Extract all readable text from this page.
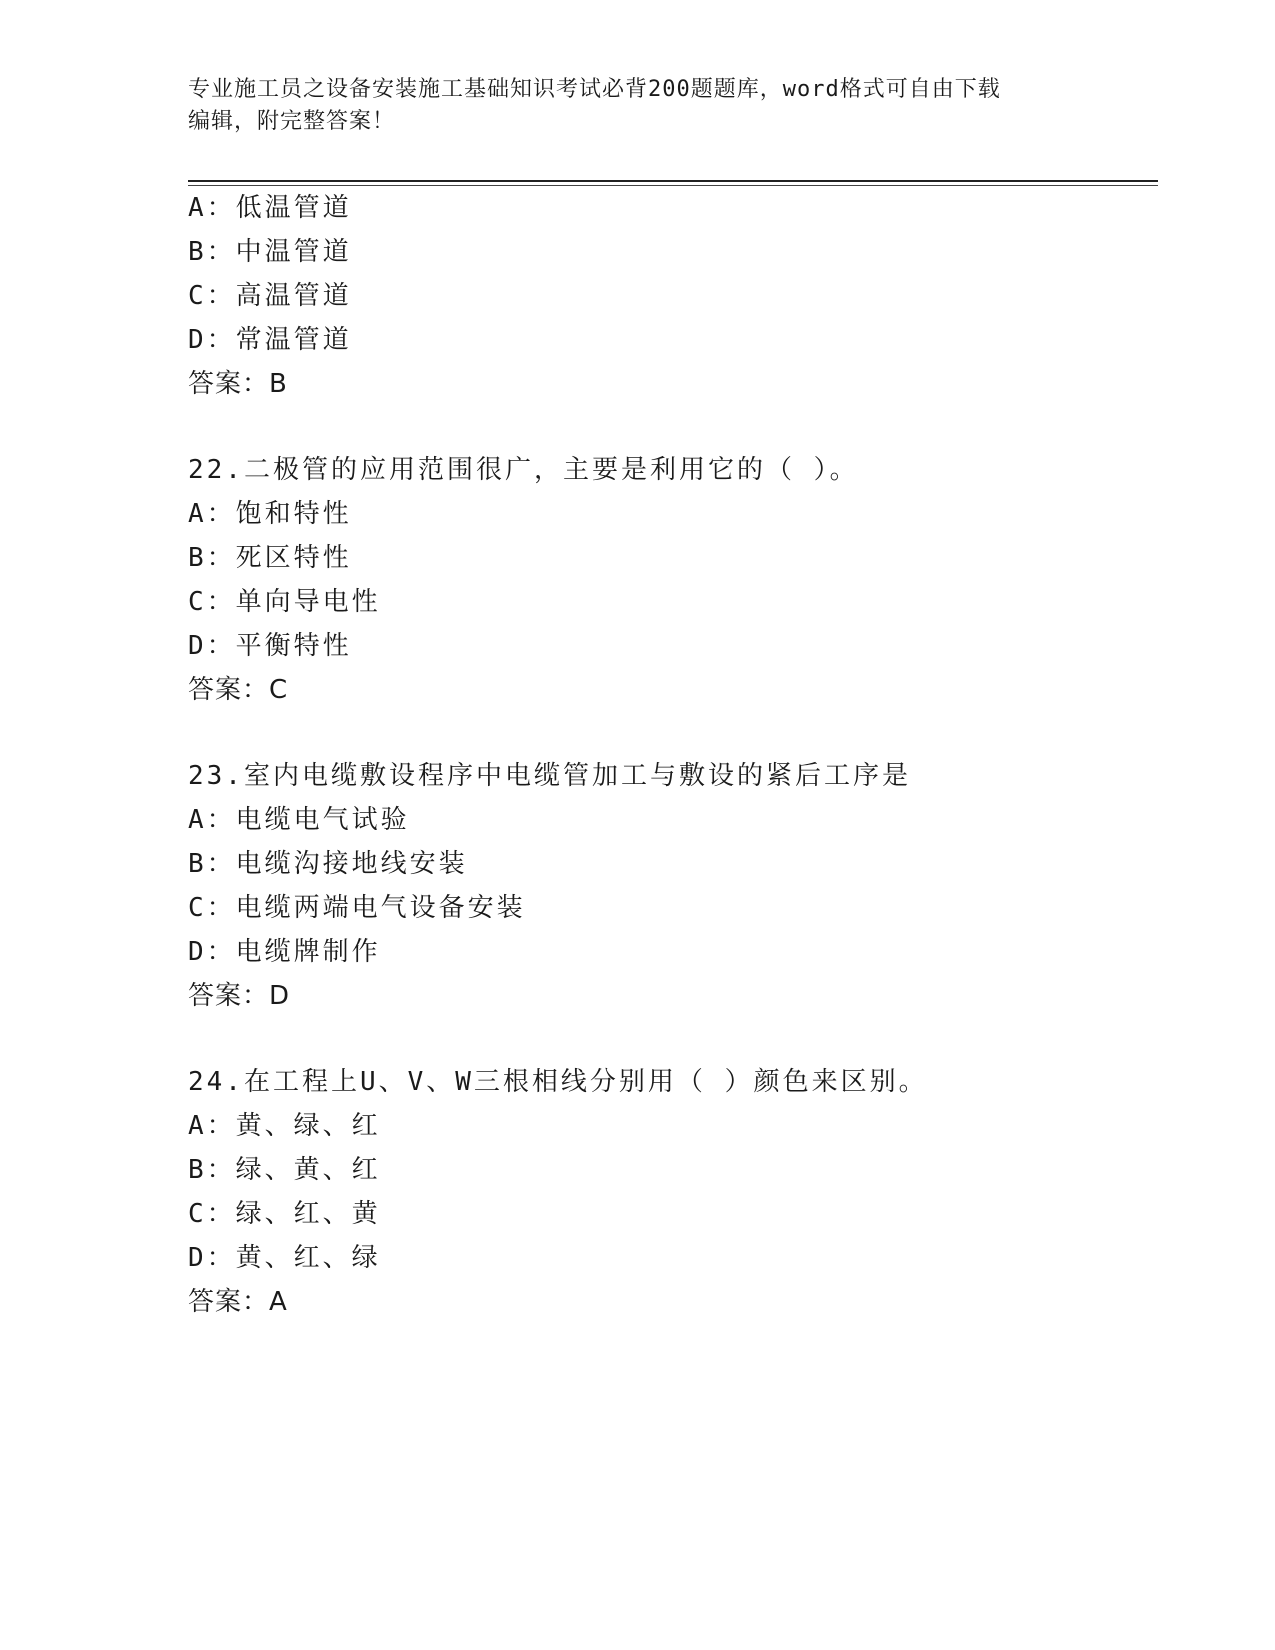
专业施工员之设备安装施工基础知识考试必背200题题库，word格式可自由下载
编辑，附完整答案！
A：低温管道
B：中温管道
C：高温管道
D：常温管道
答案：B
22.二极管的应用范围很广，主要是利用它的（ ）。
A：饱和特性
B：死区特性
C：单向导电性
D：平衡特性
答案：C
23.室内电缆敷设程序中电缆管加工与敷设的紧后工序是
A：电缆电气试验
B：电缆沟接地线安装
C：电缆两端电气设备安装
D：电缆牌制作
答案：D
24.在工程上U、V、W三根相线分别用（ ）颜色来区别。
A：黄、绿、红
B：绿、黄、红
C：绿、红、黄
D：黄、红、绿
答案：A
